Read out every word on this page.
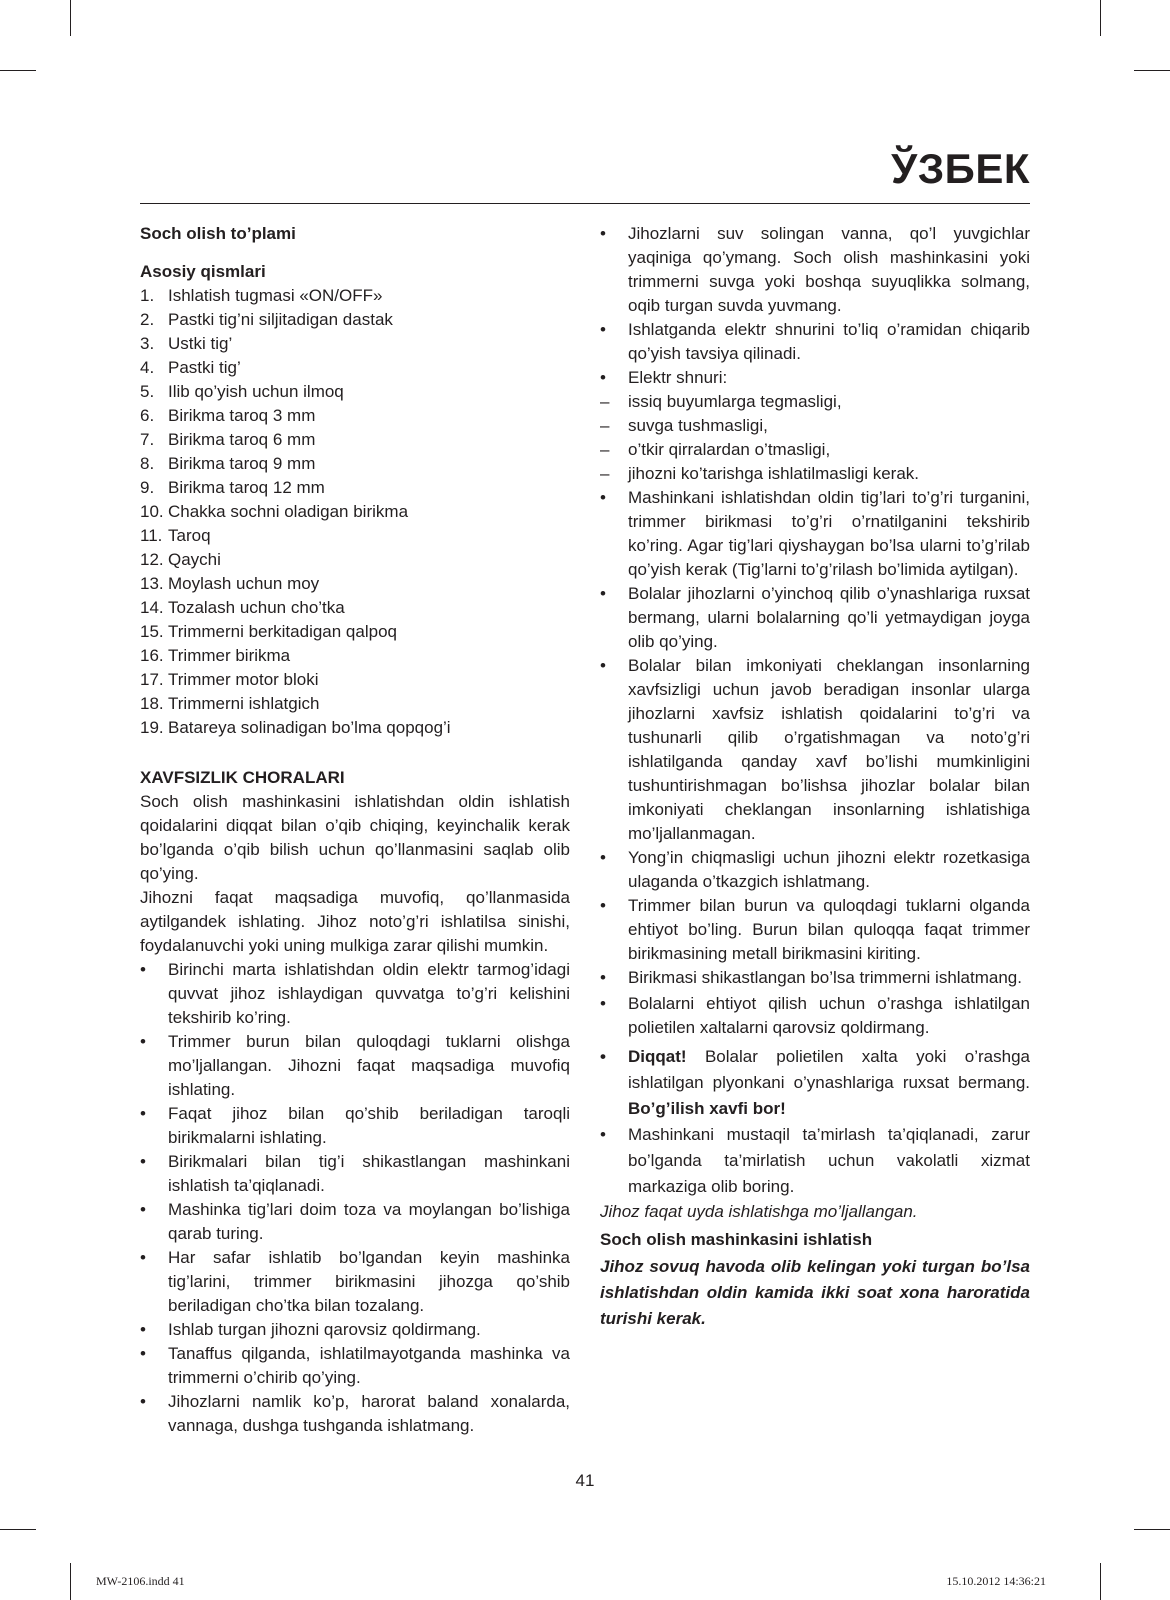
ЎЗБЕК

Soch olish to’plami

Asosiy qismlari

1. Ishlatish tugmasi «ON/OFF»
2. Pastki tig’ni siljitadigan dastak
3. Ustki tig’
4. Pastki tig’
5. Ilib qo’yish uchun ilmoq
6. Birikma taroq 3 mm
7. Birikma taroq 6 mm
8. Birikma taroq 9 mm
9. Birikma taroq 12 mm
10. Chakka sochni oladigan birikma
11. Taroq
12. Qaychi
13. Moylash uchun moy
14. Tozalash uchun cho’tka
15. Trimmerni berkitadigan qalpoq
16. Trimmer birikma
17. Trimmer motor bloki
18. Trimmerni ishlatgich
19. Batareya solinadigan bo’lma qopqog’i

XAVFSIZLIK CHORALARI

Soch olish mashinkasini ishlatishdan oldin ishlatish qoidalarini diqqat bilan o’qib chiqing, keyinchalik kerak bo’lganda o’qib bilish uchun qo’llanmasini saqlab olib qo’ying.

Jihozni faqat maqsadiga muvofiq, qo’llanmasida aytilgandek ishlating. Jihoz noto’g’ri ishlatilsa sinishi, foydalanuvchi yoki uning mulkiga zarar qilishi mumkin.

•	Birinchi marta ishlatishdan oldin elektr tarmog’idagi quvvat jihoz ishlaydigan quvvatga to’g’ri kelishini tekshirib ko’ring.
•	Trimmer burun bilan quloqdagi tuklarni olishga mo’ljallangan. Jihozni faqat maqsadiga muvofiq ishlating.
•	Faqat jihoz bilan qo’shib beriladigan taroqli birikmalarni ishlating.
•	Birikmalari bilan tig’i shikastlangan mashinkani ishlatish ta’qiqlanadi.
•	Mashinka tig’lari doim toza va moylangan bo’lishiga qarab turing.
•	Har safar ishlatib bo’lgandan keyin mashinka tig’larini, trimmer birikmasini jihozga qo’shib beriladigan cho’tka bilan tozalang.
•	Ishlab turgan jihozni qarovsiz qoldirmang.
•	Tanaffus qilganda, ishlatilmayotganda mashinka va trimmerni o’chirib qo’ying.
•	Jihozlarni namlik ko’p, harorat baland xonalarda, vannaga, dushga tushganda ishlatmang.
•	Jihozlarni suv solingan vanna, qo’l yuvgichlar yaqiniga qo’ymang. Soch olish mashinkasini yoki trimmerni suvga yoki boshqa suyuqlikka solmang, oqib turgan suvda yuvmang.
•	Ishlatganda elektr shnurini to’liq o’ramidan chiqarib qo’yish tavsiya qilinadi.
•	Elektr shnuri:
–	issiq buyumlarga tegmasligi,
–	suvga tushmasligi,
–	o’tkir qirralardan o’tmasligi,
–	jihozni ko’tarishga ishlatilmasligi kerak.
•	Mashinkani ishlatishdan oldin tig’lari to’g’ri turganini, trimmer birikmasi to’g’ri o’rnatilganini tekshirib ko’ring. Agar tig’lari qiyshaygan bo’lsa ularni to’g’rilab qo’yish kerak (Tig’larni to’g’rilash bo’limida aytilgan).
•	Bolalar jihozlarni o’yinchoq qilib o’ynashlariga ruxsat bermang, ularni bolalarning qo’li yetmaydigan joyga olib qo’ying.
•	Bolalar bilan imkoniyati cheklangan insonlarning xavfsizligi uchun javob beradigan insonlar ularga jihozlarni xavfsiz ishlatish qoidalarini to’g’ri va tushunarli qilib o’rgatishmagan va noto’g’ri ishlatilganda qanday xavf bo’lishi mumkinligini tushuntirishmagan bo’lishsa jihozlar bolalar bilan imkoniyati cheklangan insonlarning ishlatishiga mo’ljallanmagan.
•	Yong’in chiqmasligi uchun jihozni elektr rozetkasiga ulaganda o’tkazgich ishlatmang.
•	Trimmer bilan burun va quloqdagi tuklarni olganda ehtiyot bo’ling. Burun bilan quloqqa faqat trimmer birikmasining metall birikmasini kiriting.
•	Birikmasi shikastlangan bo’lsa trimmerni ishlatmang.
•	Bolalarni ehtiyot qilish uchun o’rashga ishlatilgan polietilen xaltalarni qarovsiz qoldirmang.
•	Diqqat! Bolalar polietilen xalta yoki o’rashga ishlatilgan plyonkani o’ynashlariga ruxsat bermang. Bo’g’ilish xavfi bor!
•	Mashinkani mustaqil ta’mirlash ta’qiqlanadi, zarur bo’lganda ta’mirlatish uchun vakolatli xizmat markaziga olib boring.

Jihoz faqat uyda ishlatishga mo’ljallangan.

Soch olish mashinkasini ishlatish

Jihoz sovuq havoda olib kelingan yoki turgan bo’lsa ishlatishdan oldin kamida ikki soat xona haroratida turishi kerak.

41
MW-2106.indd 41	15.10.2012 14:36:21
